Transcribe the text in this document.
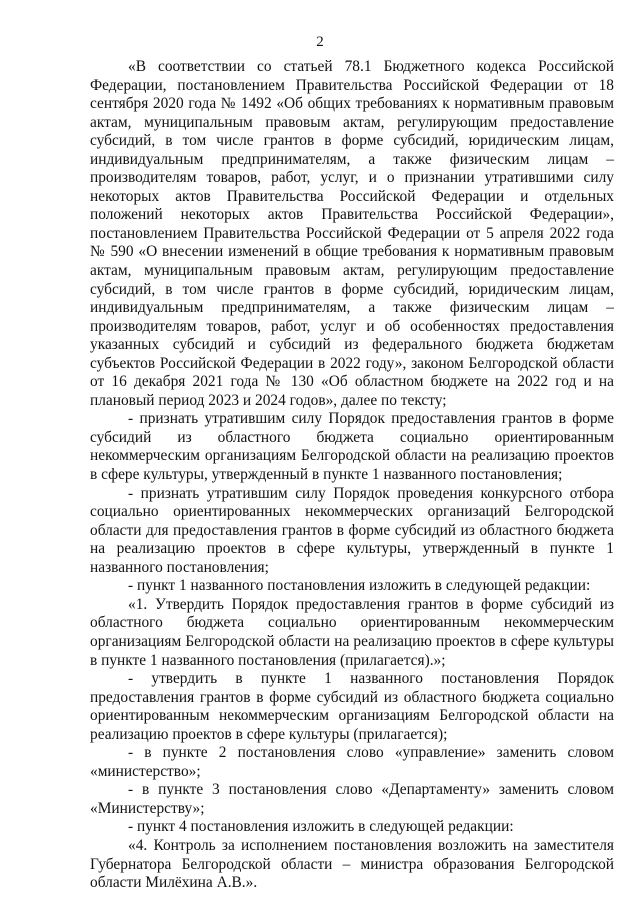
2

«В соответствии со статьей 78.1 Бюджетного кодекса Российской Федерации, постановлением Правительства Российской Федерации от 18 сентября 2020 года № 1492 «Об общих требованиях к нормативным правовым актам, муниципальным правовым актам, регулирующим предоставление субсидий, в том числе грантов в форме субсидий, юридическим лицам, индивидуальным предпринимателям, а также физическим лицам – производителям товаров, работ, услуг, и о признании утратившими силу некоторых актов Правительства Российской Федерации и отдельных положений некоторых актов Правительства Российской Федерации», постановлением Правительства Российской Федерации от 5 апреля 2022 года № 590 «О внесении изменений в общие требования к нормативным правовым актам, муниципальным правовым актам, регулирующим предоставление субсидий, в том числе грантов в форме субсидий, юридическим лицам, индивидуальным предпринимателям, а также физическим лицам – производителям товаров, работ, услуг и об особенностях предоставления указанных субсидий и субсидий из федерального бюджета бюджетам субъектов Российской Федерации в 2022 году», законом Белгородской области от 16 декабря 2021 года № 130 «Об областном бюджете на 2022 год и на плановый период 2023 и 2024 годов», далее по тексту;

- признать утратившим силу Порядок предоставления грантов в форме субсидий из областного бюджета социально ориентированным некоммерческим организациям Белгородской области на реализацию проектов в сфере культуры, утвержденный в пункте 1 названного постановления;

- признать утратившим силу Порядок проведения конкурсного отбора социально ориентированных некоммерческих организаций Белгородской области для предоставления грантов в форме субсидий из областного бюджета на реализацию проектов в сфере культуры, утвержденный в пункте 1 названного постановления;

- пункт 1 названного постановления изложить в следующей редакции:

«1. Утвердить Порядок предоставления грантов в форме субсидий из областного бюджета социально ориентированным некоммерческим организациям Белгородской области на реализацию проектов в сфере культуры в пункте 1 названного постановления (прилагается).»;

- утвердить в пункте 1 названного постановления Порядок предоставления грантов в форме субсидий из областного бюджета социально ориентированным некоммерческим организациям Белгородской области на реализацию проектов в сфере культуры (прилагается);

- в пункте 2 постановления слово «управление» заменить словом «министерство»;

- в пункте 3 постановления слово «Департаменту» заменить словом «Министерству»;

- пункт 4 постановления изложить в следующей редакции:

«4. Контроль за исполнением постановления возложить на заместителя Губернатора Белгородской области – министра образования Белгородской области Милёхина А.В.».
